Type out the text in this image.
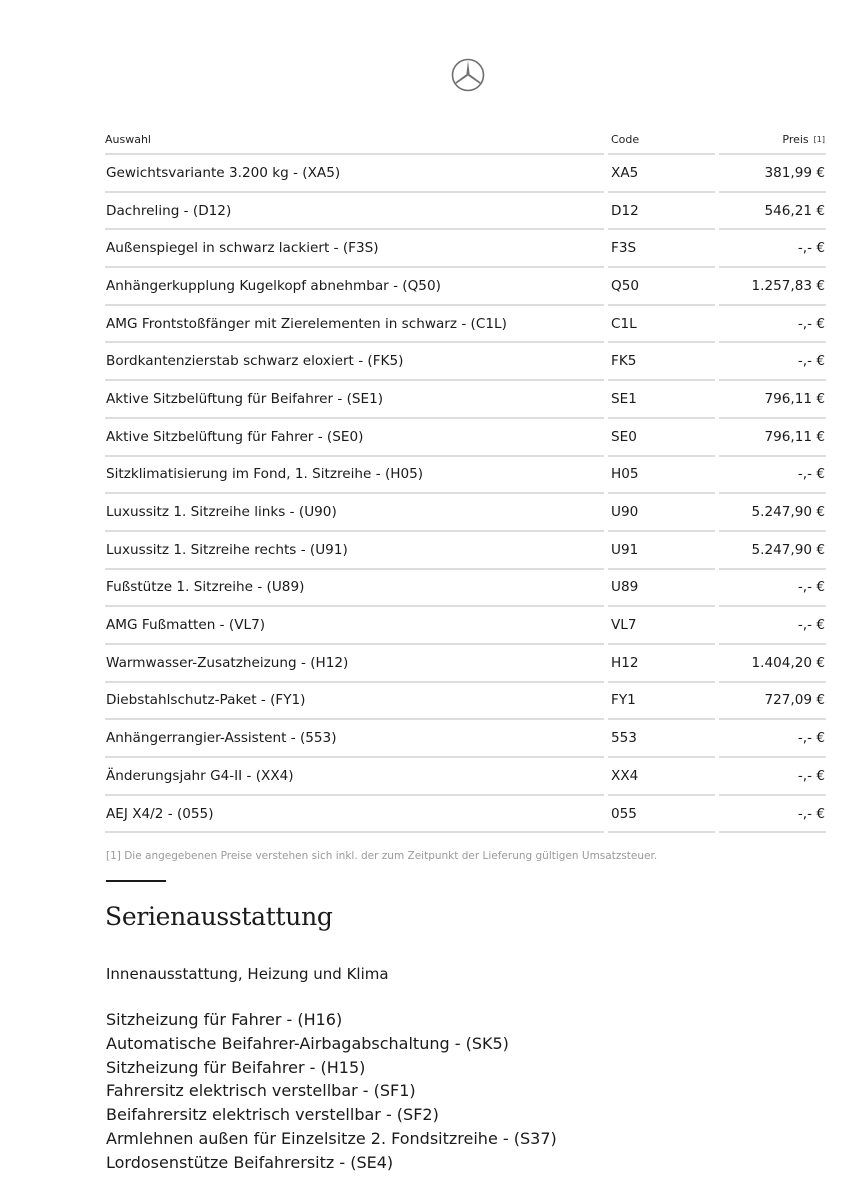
Auswahl	Code	Preis [1]
Gewichtsvariante 3.200 kg - (XA5)	XA5	381,99 €
Dachreling - (D12)	D12	546,21 €
Außenspiegel in schwarz lackiert - (F3S)	F3S	-,- €
Anhängerkupplung Kugelkopf abnehmbar - (Q50)	Q50	1.257,83 €
AMG Frontstoßfänger mit Zierelementen in schwarz - (C1L)	C1L	-,- €
Bordkantenzierstab schwarz eloxiert - (FK5)	FK5	-,- €
Aktive Sitzbelüftung für Beifahrer - (SE1)	SE1	796,11 €
Aktive Sitzbelüftung für Fahrer - (SE0)	SE0	796,11 €
Sitzklimatisierung im Fond, 1. Sitzreihe - (H05)	H05	-,- €
Luxussitz 1. Sitzreihe links - (U90)	U90	5.247,90 €
Luxussitz 1. Sitzreihe rechts - (U91)	U91	5.247,90 €
Fußstütze 1. Sitzreihe - (U89)	U89	-,- €
AMG Fußmatten - (VL7)	VL7	-,- €
Warmwasser-Zusatzheizung - (H12)	H12	1.404,20 €
Diebstahlschutz-Paket - (FY1)	FY1	727,09 €
Anhängerrangier-Assistent - (553)	553	-,- €
Änderungsjahr G4-II - (XX4)	XX4	-,- €
AEJ X4/2 - (055)	055	-,- €
[1] Die angegebenen Preise verstehen sich inkl. der zum Zeitpunkt der Lieferung gültigen Umsatzsteuer.
Serienausstattung
Innenausstattung, Heizung und Klima
Sitzheizung für Fahrer - (H16)
Automatische Beifahrer-Airbagabschaltung - (SK5)
Sitzheizung für Beifahrer - (H15)
Fahrersitz elektrisch verstellbar - (SF1)
Beifahrersitz elektrisch verstellbar - (SF2)
Armlehnen außen für Einzelsitze 2. Fondsitzreihe - (S37)
Lordosenstütze Beifahrersitz - (SE4)
